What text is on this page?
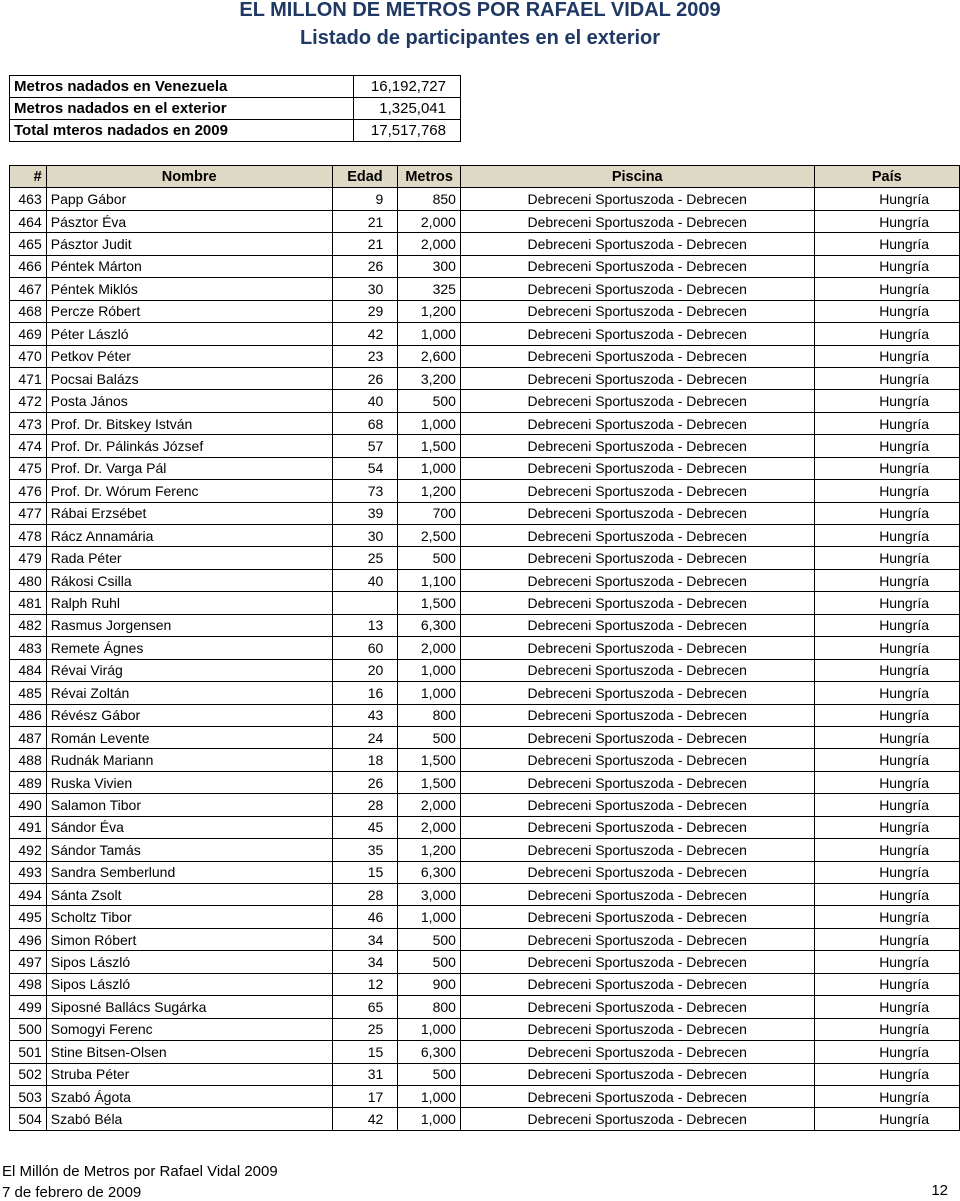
EL MILLON DE METROS POR RAFAEL VIDAL 2009
Listado de participantes en el exterior
Metros nadados en Venezuela	16,192,727
Metros nadados en el exterior	1,325,041
Total mteros nadados en 2009	17,517,768
#	Nombre	Edad	Metros	Piscina	País
463	Papp Gábor	9	850	Debreceni Sportuszoda - Debrecen	Hungría
464	Pásztor Éva	21	2,000	Debreceni Sportuszoda - Debrecen	Hungría
465	Pásztor Judit	21	2,000	Debreceni Sportuszoda - Debrecen	Hungría
466	Péntek Márton	26	300	Debreceni Sportuszoda - Debrecen	Hungría
467	Péntek Miklós	30	325	Debreceni Sportuszoda - Debrecen	Hungría
468	Percze Róbert	29	1,200	Debreceni Sportuszoda - Debrecen	Hungría
469	Péter László	42	1,000	Debreceni Sportuszoda - Debrecen	Hungría
470	Petkov Péter	23	2,600	Debreceni Sportuszoda - Debrecen	Hungría
471	Pocsai Balázs	26	3,200	Debreceni Sportuszoda - Debrecen	Hungría
472	Posta János	40	500	Debreceni Sportuszoda - Debrecen	Hungría
473	Prof. Dr. Bitskey István	68	1,000	Debreceni Sportuszoda - Debrecen	Hungría
474	Prof. Dr. Pálinkás József	57	1,500	Debreceni Sportuszoda - Debrecen	Hungría
475	Prof. Dr. Varga Pál	54	1,000	Debreceni Sportuszoda - Debrecen	Hungría
476	Prof. Dr. Wórum Ferenc	73	1,200	Debreceni Sportuszoda - Debrecen	Hungría
477	Rábai Erzsébet	39	700	Debreceni Sportuszoda - Debrecen	Hungría
478	Rácz Annamária	30	2,500	Debreceni Sportuszoda - Debrecen	Hungría
479	Rada Péter	25	500	Debreceni Sportuszoda - Debrecen	Hungría
480	Rákosi Csilla	40	1,100	Debreceni Sportuszoda - Debrecen	Hungría
481	Ralph Ruhl		1,500	Debreceni Sportuszoda - Debrecen	Hungría
482	Rasmus Jorgensen	13	6,300	Debreceni Sportuszoda - Debrecen	Hungría
483	Remete Ágnes	60	2,000	Debreceni Sportuszoda - Debrecen	Hungría
484	Révai Virág	20	1,000	Debreceni Sportuszoda - Debrecen	Hungría
485	Révai Zoltán	16	1,000	Debreceni Sportuszoda - Debrecen	Hungría
486	Révész Gábor	43	800	Debreceni Sportuszoda - Debrecen	Hungría
487	Román Levente	24	500	Debreceni Sportuszoda - Debrecen	Hungría
488	Rudnák Mariann	18	1,500	Debreceni Sportuszoda - Debrecen	Hungría
489	Ruska Vivien	26	1,500	Debreceni Sportuszoda - Debrecen	Hungría
490	Salamon Tibor	28	2,000	Debreceni Sportuszoda - Debrecen	Hungría
491	Sándor Éva	45	2,000	Debreceni Sportuszoda - Debrecen	Hungría
492	Sándor Tamás	35	1,200	Debreceni Sportuszoda - Debrecen	Hungría
493	Sandra Semberlund	15	6,300	Debreceni Sportuszoda - Debrecen	Hungría
494	Sánta Zsolt	28	3,000	Debreceni Sportuszoda - Debrecen	Hungría
495	Scholtz Tibor	46	1,000	Debreceni Sportuszoda - Debrecen	Hungría
496	Simon Róbert	34	500	Debreceni Sportuszoda - Debrecen	Hungría
497	Sipos László	34	500	Debreceni Sportuszoda - Debrecen	Hungría
498	Sipos László	12	900	Debreceni Sportuszoda - Debrecen	Hungría
499	Siposné Ballács Sugárka	65	800	Debreceni Sportuszoda - Debrecen	Hungría
500	Somogyi Ferenc	25	1,000	Debreceni Sportuszoda - Debrecen	Hungría
501	Stine Bitsen-Olsen	15	6,300	Debreceni Sportuszoda - Debrecen	Hungría
502	Struba Péter	31	500	Debreceni Sportuszoda - Debrecen	Hungría
503	Szabó Ágota	17	1,000	Debreceni Sportuszoda - Debrecen	Hungría
504	Szabó Béla	42	1,000	Debreceni Sportuszoda - Debrecen	Hungría
El Millón de Metros por Rafael Vidal 2009
7 de febrero de 2009	12
